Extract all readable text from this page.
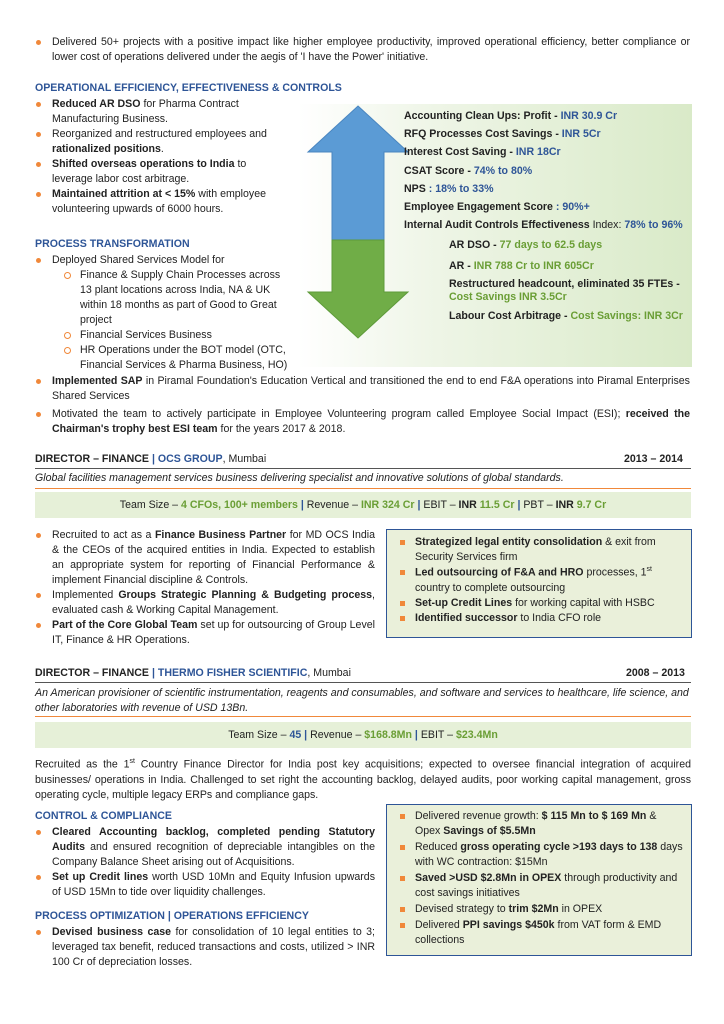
Delivered 50+ projects with a positive impact like higher employee productivity, improved operational efficiency, better compliance or lower cost of operations delivered under the aegis of 'I have the Power' initiative.
OPERATIONAL EFFICIENCY, EFFECTIVENESS & CONTROLS
Reduced AR DSO for Pharma Contract Manufacturing Business.
Reorganized and restructured employees and rationalized positions.
Shifted overseas operations to India to leverage labor cost arbitrage.
Maintained attrition at < 15% with employee volunteering upwards of 6000 hours.
PROCESS TRANSFORMATION
Deployed Shared Services Model for
Finance & Supply Chain Processes across 13 plant locations across India, NA & UK within 18 months as part of Good to Great project
Financial Services Business
HR Operations under the BOT model (OTC, Financial Services & Pharma Business, HO)
Accounting Clean Ups: Profit - INR 30.9 Cr
RFQ Processes Cost Savings - INR 5Cr
Interest Cost Saving - INR 18Cr
CSAT Score - 74% to 80%
NPS : 18% to 33%
Employee Engagement Score : 90%+
Internal Audit Controls Effectiveness Index: 78% to 96%
AR DSO - 77 days to 62.5 days
AR - INR 788 Cr to INR 605Cr
Restructured headcount, eliminated 35 FTEs - Cost Savings INR 3.5Cr
Labour Cost Arbitrage - Cost Savings: INR 3Cr
Implemented SAP in Piramal Foundation's Education Vertical and transitioned the end to end F&A operations into Piramal Enterprises Shared Services
Motivated the team to actively participate in Employee Volunteering program called Employee Social Impact (ESI); received the Chairman's trophy best ESI team for the years 2017 & 2018.
DIRECTOR – FINANCE | OCS GROUP, Mumbai	2013 – 2014
Global facilities management services business delivering specialist and innovative solutions of global standards.
Team Size – 4 CFOs, 100+ members | Revenue – INR 324 Cr | EBIT – INR 11.5 Cr | PBT – INR 9.7 Cr
Recruited to act as a Finance Business Partner for MD OCS India & the CEOs of the acquired entities in India. Expected to establish an appropriate system for reporting of Financial Performance & implement Financial discipline & Controls.
Implemented Groups Strategic Planning & Budgeting process, evaluated cash & Working Capital Management.
Part of the Core Global Team set up for outsourcing of Group Level IT, Finance & HR Operations.
Strategized legal entity consolidation & exit from Security Services firm
Led outsourcing of F&A and HRO processes, 1st country to complete outsourcing
Set-up Credit Lines for working capital with HSBC
Identified successor to India CFO role
DIRECTOR – FINANCE | THERMO FISHER SCIENTIFIC, Mumbai	2008 – 2013
An American provisioner of scientific instrumentation, reagents and consumables, and software and services to healthcare, life science, and other laboratories with revenue of USD 13Bn.
Team Size – 45 | Revenue – $168.8Mn | EBIT – $23.4Mn
Recruited as the 1st Country Finance Director for India post key acquisitions; expected to oversee financial integration of acquired businesses/ operations in India. Challenged to set right the accounting backlog, delayed audits, poor working capital management, gross operating cycle, multiple legacy ERPs and compliance gaps.
CONTROL & COMPLIANCE
Cleared Accounting backlog, completed pending Statutory Audits and ensured recognition of depreciable intangibles on the Company Balance Sheet arising out of Acquisitions.
Set up Credit lines worth USD 10Mn and Equity Infusion upwards of USD 15Mn to tide over liquidity challenges.
PROCESS OPTIMIZATION | OPERATIONS EFFICIENCY
Devised business case for consolidation of 10 legal entities to 3; leveraged tax benefit, reduced transactions and costs, utilized > INR 100 Cr of depreciation losses.
Delivered revenue growth: $ 115 Mn to $ 169 Mn & Opex Savings of $5.5Mn
Reduced gross operating cycle >193 days to 138 days with WC contraction: $15Mn
Saved >USD $2.8Mn in OPEX through productivity and cost savings initiatives
Devised strategy to trim $2Mn in OPEX
Delivered PPI savings $450k from VAT form & EMD collections
